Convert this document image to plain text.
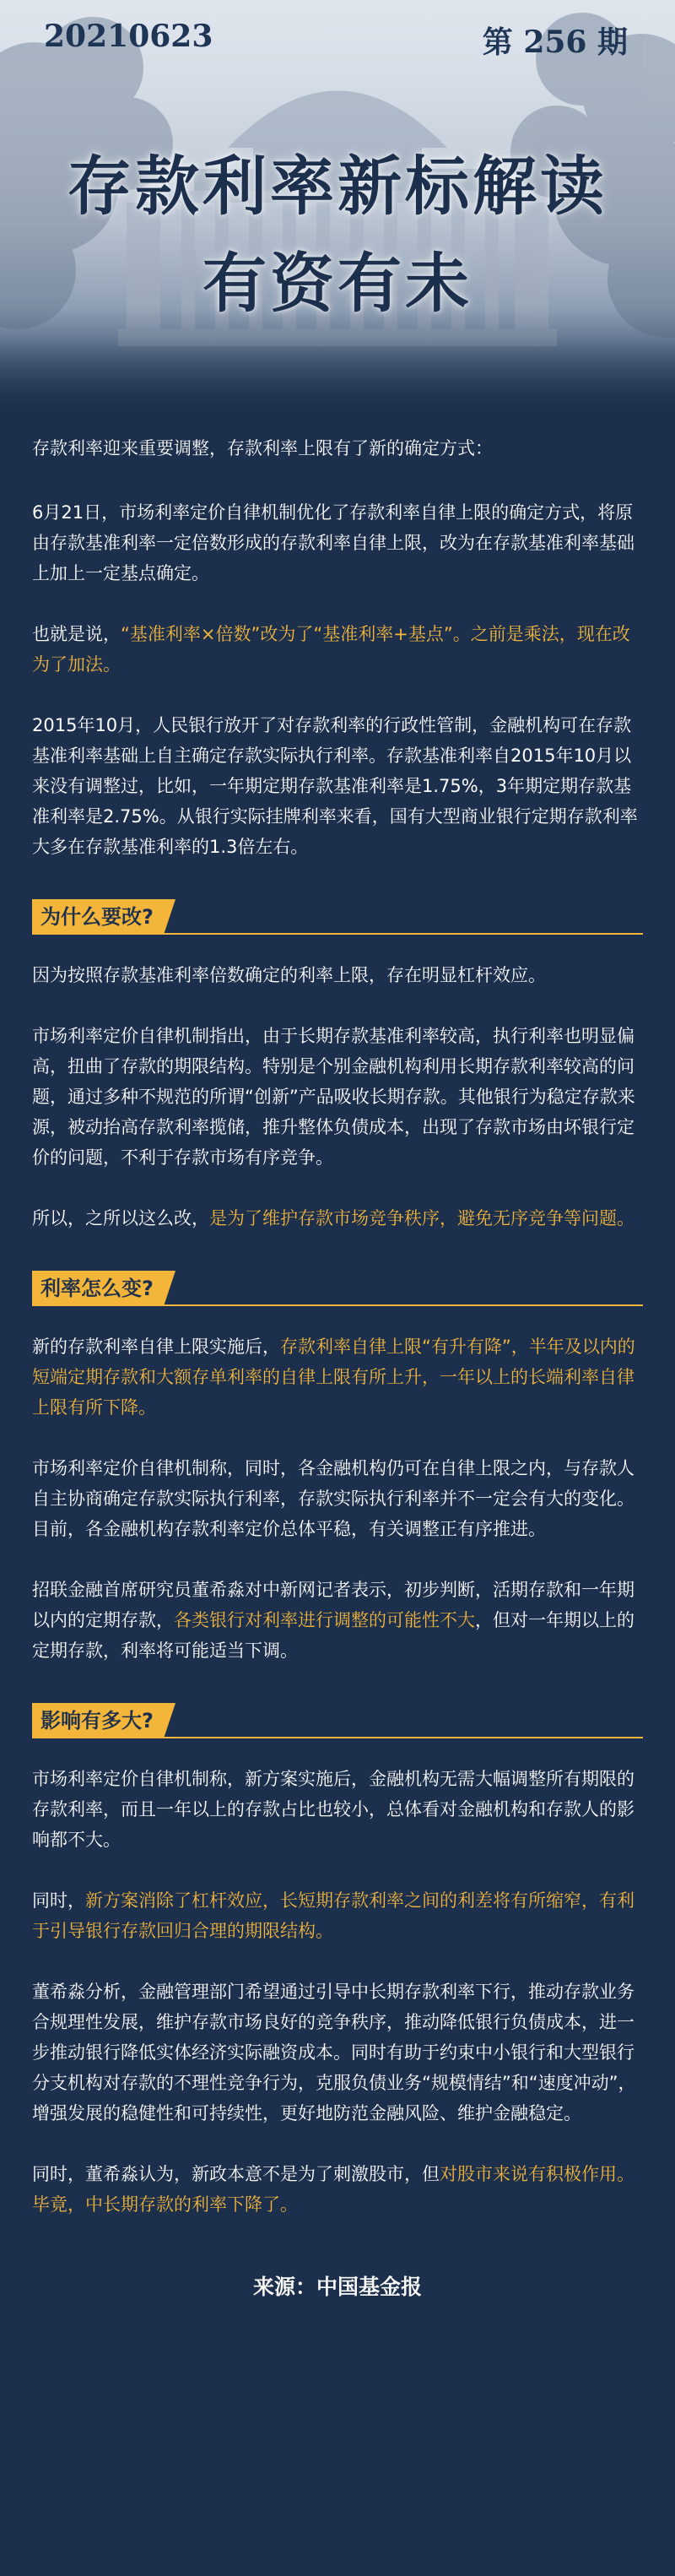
20210623	第 256 期
存款利率新标解读
有资有未

存款利率迎来重要调整，存款利率上限有了新的确定方式：

6月21日，市场利率定价自律机制优化了存款利率自律上限的确定方式，将原由存款基准利率一定倍数形成的存款利率自律上限，改为在存款基准利率基础上加上一定基点确定。

也就是说，“基准利率×倍数”改为了“基准利率+基点”。之前是乘法，现在改为了加法。

2015年10月，人民银行放开了对存款利率的行政性管制，金融机构可在存款基准利率基础上自主确定存款实际执行利率。存款基准利率自2015年10月以来没有调整过，比如，一年期定期存款基准利率是1.75%，3年期定期存款基准利率是2.75%。从银行实际挂牌利率来看，国有大型商业银行定期存款利率大多在存款基准利率的1.3倍左右。

为什么要改?

因为按照存款基准利率倍数确定的利率上限，存在明显杠杆效应。

市场利率定价自律机制指出，由于长期存款基准利率较高，执行利率也明显偏高，扭曲了存款的期限结构。特别是个别金融机构利用长期存款利率较高的问题，通过多种不规范的所谓“创新”产品吸收长期存款。其他银行为稳定存款来源，被动抬高存款利率揽储，推升整体负债成本，出现了存款市场由坏银行定价的问题，不利于存款市场有序竞争。

所以，之所以这么改，是为了维护存款市场竞争秩序，避免无序竞争等问题。

利率怎么变?

新的存款利率自律上限实施后，存款利率自律上限“有升有降”，半年及以内的短端定期存款和大额存单利率的自律上限有所上升，一年以上的长端利率自律上限有所下降。

市场利率定价自律机制称，同时，各金融机构仍可在自律上限之内，与存款人自主协商确定存款实际执行利率，存款实际执行利率并不一定会有大的变化。目前，各金融机构存款利率定价总体平稳，有关调整正有序推进。

招联金融首席研究员董希淼对中新网记者表示，初步判断，活期存款和一年期以内的定期存款，各类银行对利率进行调整的可能性不大，但对一年期以上的定期存款，利率将可能适当下调。

影响有多大?

市场利率定价自律机制称，新方案实施后，金融机构无需大幅调整所有期限的存款利率，而且一年以上的存款占比也较小，总体看对金融机构和存款人的影响都不大。

同时，新方案消除了杠杆效应，长短期存款利率之间的利差将有所缩窄，有利于引导银行存款回归合理的期限结构。

董希淼分析，金融管理部门希望通过引导中长期存款利率下行，推动存款业务合规理性发展，维护存款市场良好的竞争秩序，推动降低银行负债成本，进一步推动银行降低实体经济实际融资成本。同时有助于约束中小银行和大型银行分支机构对存款的不理性竞争行为，克服负债业务“规模情结”和“速度冲动”，增强发展的稳健性和可持续性，更好地防范金融风险、维护金融稳定。

同时，董希淼认为，新政本意不是为了刺激股市，但对股市来说有积极作用。毕竟，中长期存款的利率下降了。

来源：中国基金报
